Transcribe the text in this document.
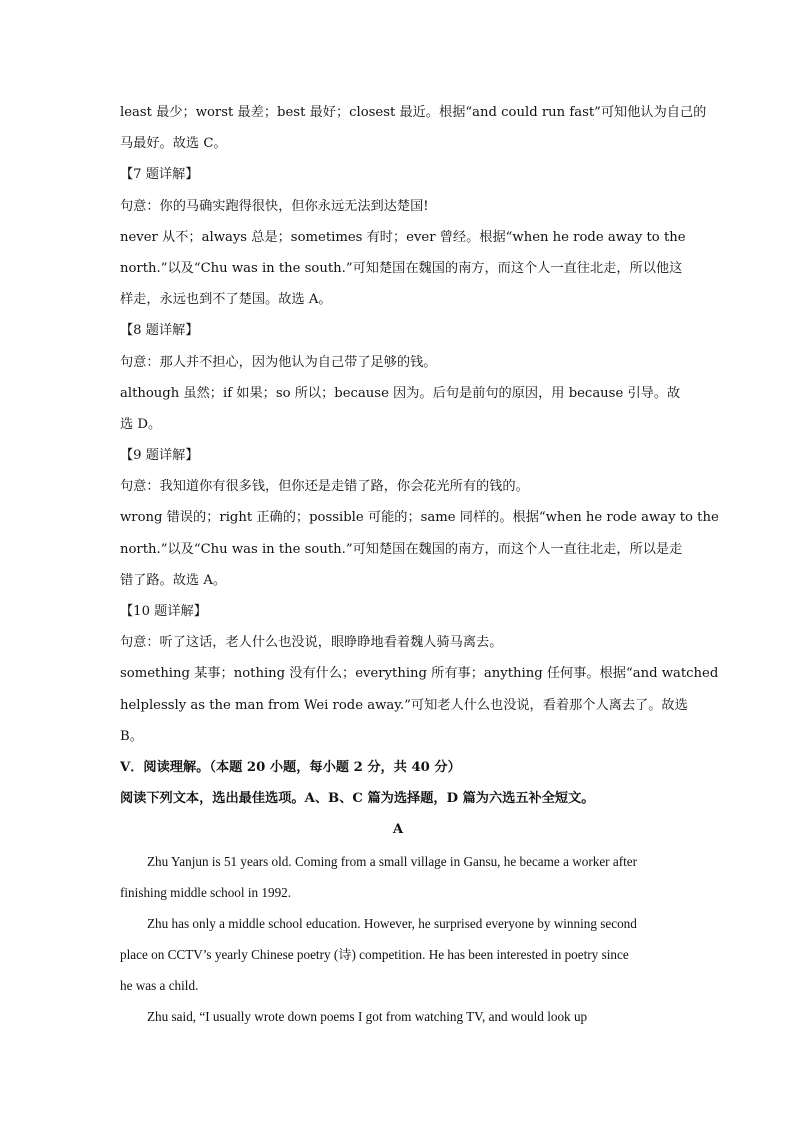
least 最少；worst 最差；best 最好；closest 最近。根据“and could run fast”可知他认为自己的
马最好。故选 C。
【7 题详解】
句意：你的马确实跑得很快，但你永远无法到达楚国!
never 从不；always 总是；sometimes 有时；ever 曾经。根据“when he rode away to the
north.”以及“Chu was in the south.”可知楚国在魏国的南方，而这个人一直往北走，所以他这
样走，永远也到不了楚国。故选 A。
【8 题详解】
句意：那人并不担心，因为他认为自己带了足够的钱。
although 虽然；if 如果；so 所以；because 因为。后句是前句的原因，用 because 引导。故
选 D。
【9 题详解】
句意：我知道你有很多钱，但你还是走错了路，你会花光所有的钱的。
wrong 错误的；right 正确的；possible 可能的；same 同样的。根据“when he rode away to the
north.”以及“Chu was in the south.”可知楚国在魏国的南方，而这个人一直往北走，所以是走
错了路。故选 A。
【10 题详解】
句意：听了这话，老人什么也没说，眼睁睁地看着魏人骑马离去。
something 某事；nothing 没有什么；everything 所有事；anything 任何事。根据“and watched
helplessly as the man from Wei rode away.”可知老人什么也没说，看着那个人离去了。故选
B。
V．阅读理解。（本题 20 小题，每小题 2 分，共 40 分）
阅读下列文本，选出最佳选项。A、B、C 篇为选择题，D 篇为六选五补全短文。
A
Zhu Yanjun is 51 years old. Coming from a small village in Gansu, he became a worker after
finishing middle school in 1992.
Zhu has only a middle school education. However, he surprised everyone by winning second
place on CCTV’s yearly Chinese poetry (诗) competition. He has been interested in poetry since
he was a child.
Zhu said, “I usually wrote down poems I got from watching TV, and would look up
